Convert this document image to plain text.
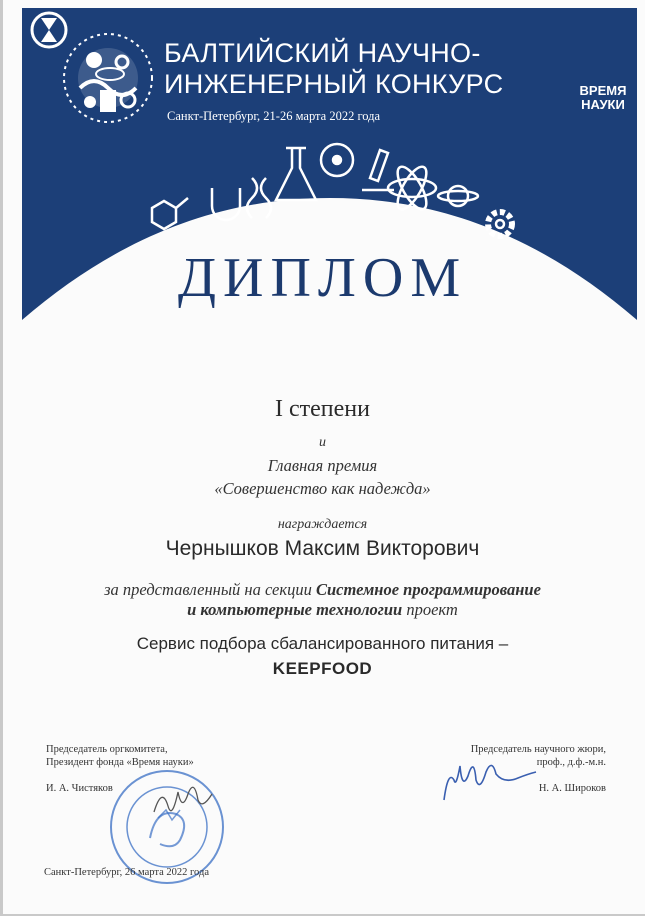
БАЛТИЙСКИЙ НАУЧНО-
ИНЖЕНЕРНЫЙ КОНКУРС
Санкт-Петербург, 21-26 марта 2022 года
ВРЕМЯ
НАУКИ
ДИПЛОМ
I степени
и
Главная премия
«Совершенство как надежда»
награждается
Чернышков Максим Викторович
за представленный на секции Системное программирование
и компьютерные технологии проект
Сервис подбора сбалансированного питания –
KEEPFOOD
Председатель оргкомитета,
Президент фонда «Время науки»
И. А. Чистяков
Председатель научного жюри,
проф., д.ф.-м.н.
Н. А. Широков
Санкт-Петербург, 26 марта 2022 года
